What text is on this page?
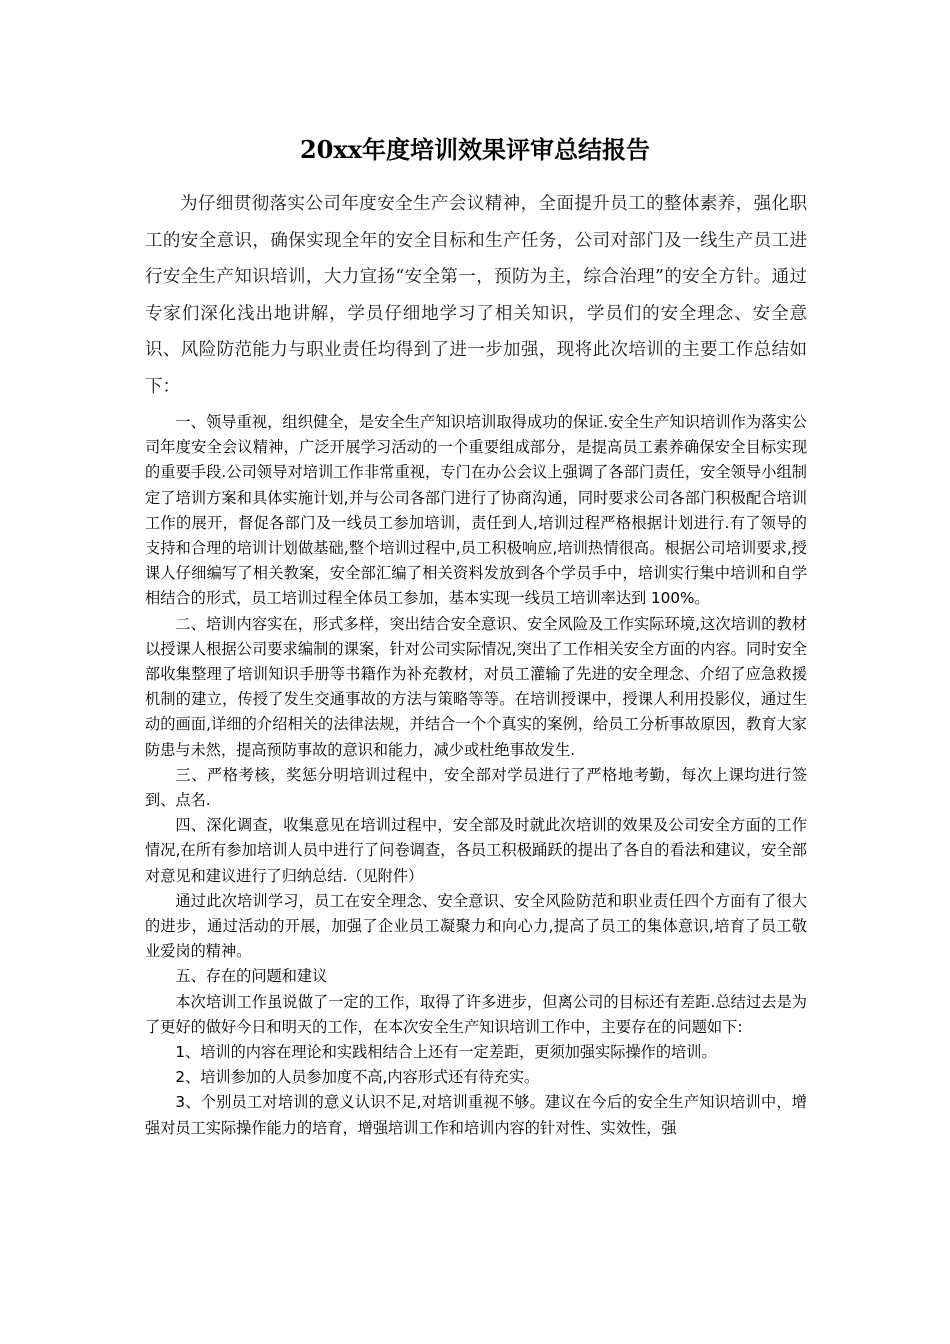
20xx年度培训效果评审总结报告

为仔细贯彻落实公司年度安全生产会议精神，全面提升员工的整体素养，强化职工的安全意识，确保实现全年的安全目标和生产任务，公司对部门及一线生产员工进行安全生产知识培训，大力宣扬“安全第一，预防为主，综合治理”的安全方针。通过专家们深化浅出地讲解，学员仔细地学习了相关知识，学员们的安全理念、安全意识、风险防范能力与职业责任均得到了进一步加强，现将此次培训的主要工作总结如下：

一、领导重视，组织健全，是安全生产知识培训取得成功的保证.安全生产知识培训作为落实公司年度安全会议精神，广泛开展学习活动的一个重要组成部分，是提高员工素养确保安全目标实现的重要手段.公司领导对培训工作非常重视，专门在办公会议上强调了各部门责任，安全领导小组制定了培训方案和具体实施计划,并与公司各部门进行了协商沟通，同时要求公司各部门积极配合培训工作的展开，督促各部门及一线员工参加培训，责任到人,培训过程严格根据计划进行.有了领导的支持和合理的培训计划做基础,整个培训过程中,员工积极响应,培训热情很高。根据公司培训要求,授课人仔细编写了相关教案，安全部汇编了相关资料发放到各个学员手中，培训实行集中培训和自学相结合的形式，员工培训过程全体员工参加，基本实现一线员工培训率达到 100%。

二、培训内容实在，形式多样，突出结合安全意识、安全风险及工作实际环境,这次培训的教材以授课人根据公司要求编制的课案，针对公司实际情况,突出了工作相关安全方面的内容。同时安全部收集整理了培训知识手册等书籍作为补充教材，对员工灌输了先进的安全理念、介绍了应急救援机制的建立，传授了发生交通事故的方法与策略等等。在培训授课中，授课人利用投影仪，通过生动的画面,详细的介绍相关的法律法规，并结合一个个真实的案例，给员工分析事故原因，教育大家防患与未然，提高预防事故的意识和能力，减少或杜绝事故发生.

三、严格考核，奖惩分明培训过程中，安全部对学员进行了严格地考勤，每次上课均进行签到、点名.

四、深化调查，收集意见在培训过程中，安全部及时就此次培训的效果及公司安全方面的工作情况,在所有参加培训人员中进行了问卷调查，各员工积极踊跃的提出了各自的看法和建议，安全部对意见和建议进行了归纳总结.（见附件）

通过此次培训学习，员工在安全理念、安全意识、安全风险防范和职业责任四个方面有了很大的进步，通过活动的开展，加强了企业员工凝聚力和向心力,提高了员工的集体意识,培育了员工敬业爱岗的精神。

五、存在的问题和建议

本次培训工作虽说做了一定的工作，取得了许多进步，但离公司的目标还有差距.总结过去是为了更好的做好今日和明天的工作，在本次安全生产知识培训工作中，主要存在的问题如下:

1、培训的内容在理论和实践相结合上还有一定差距，更须加强实际操作的培训。

2、培训参加的人员参加度不高,内容形式还有待充实。

3、个别员工对培训的意义认识不足,对培训重视不够。建议在今后的安全生产知识培训中，增强对员工实际操作能力的培育，增强培训工作和培训内容的针对性、实效性，强
